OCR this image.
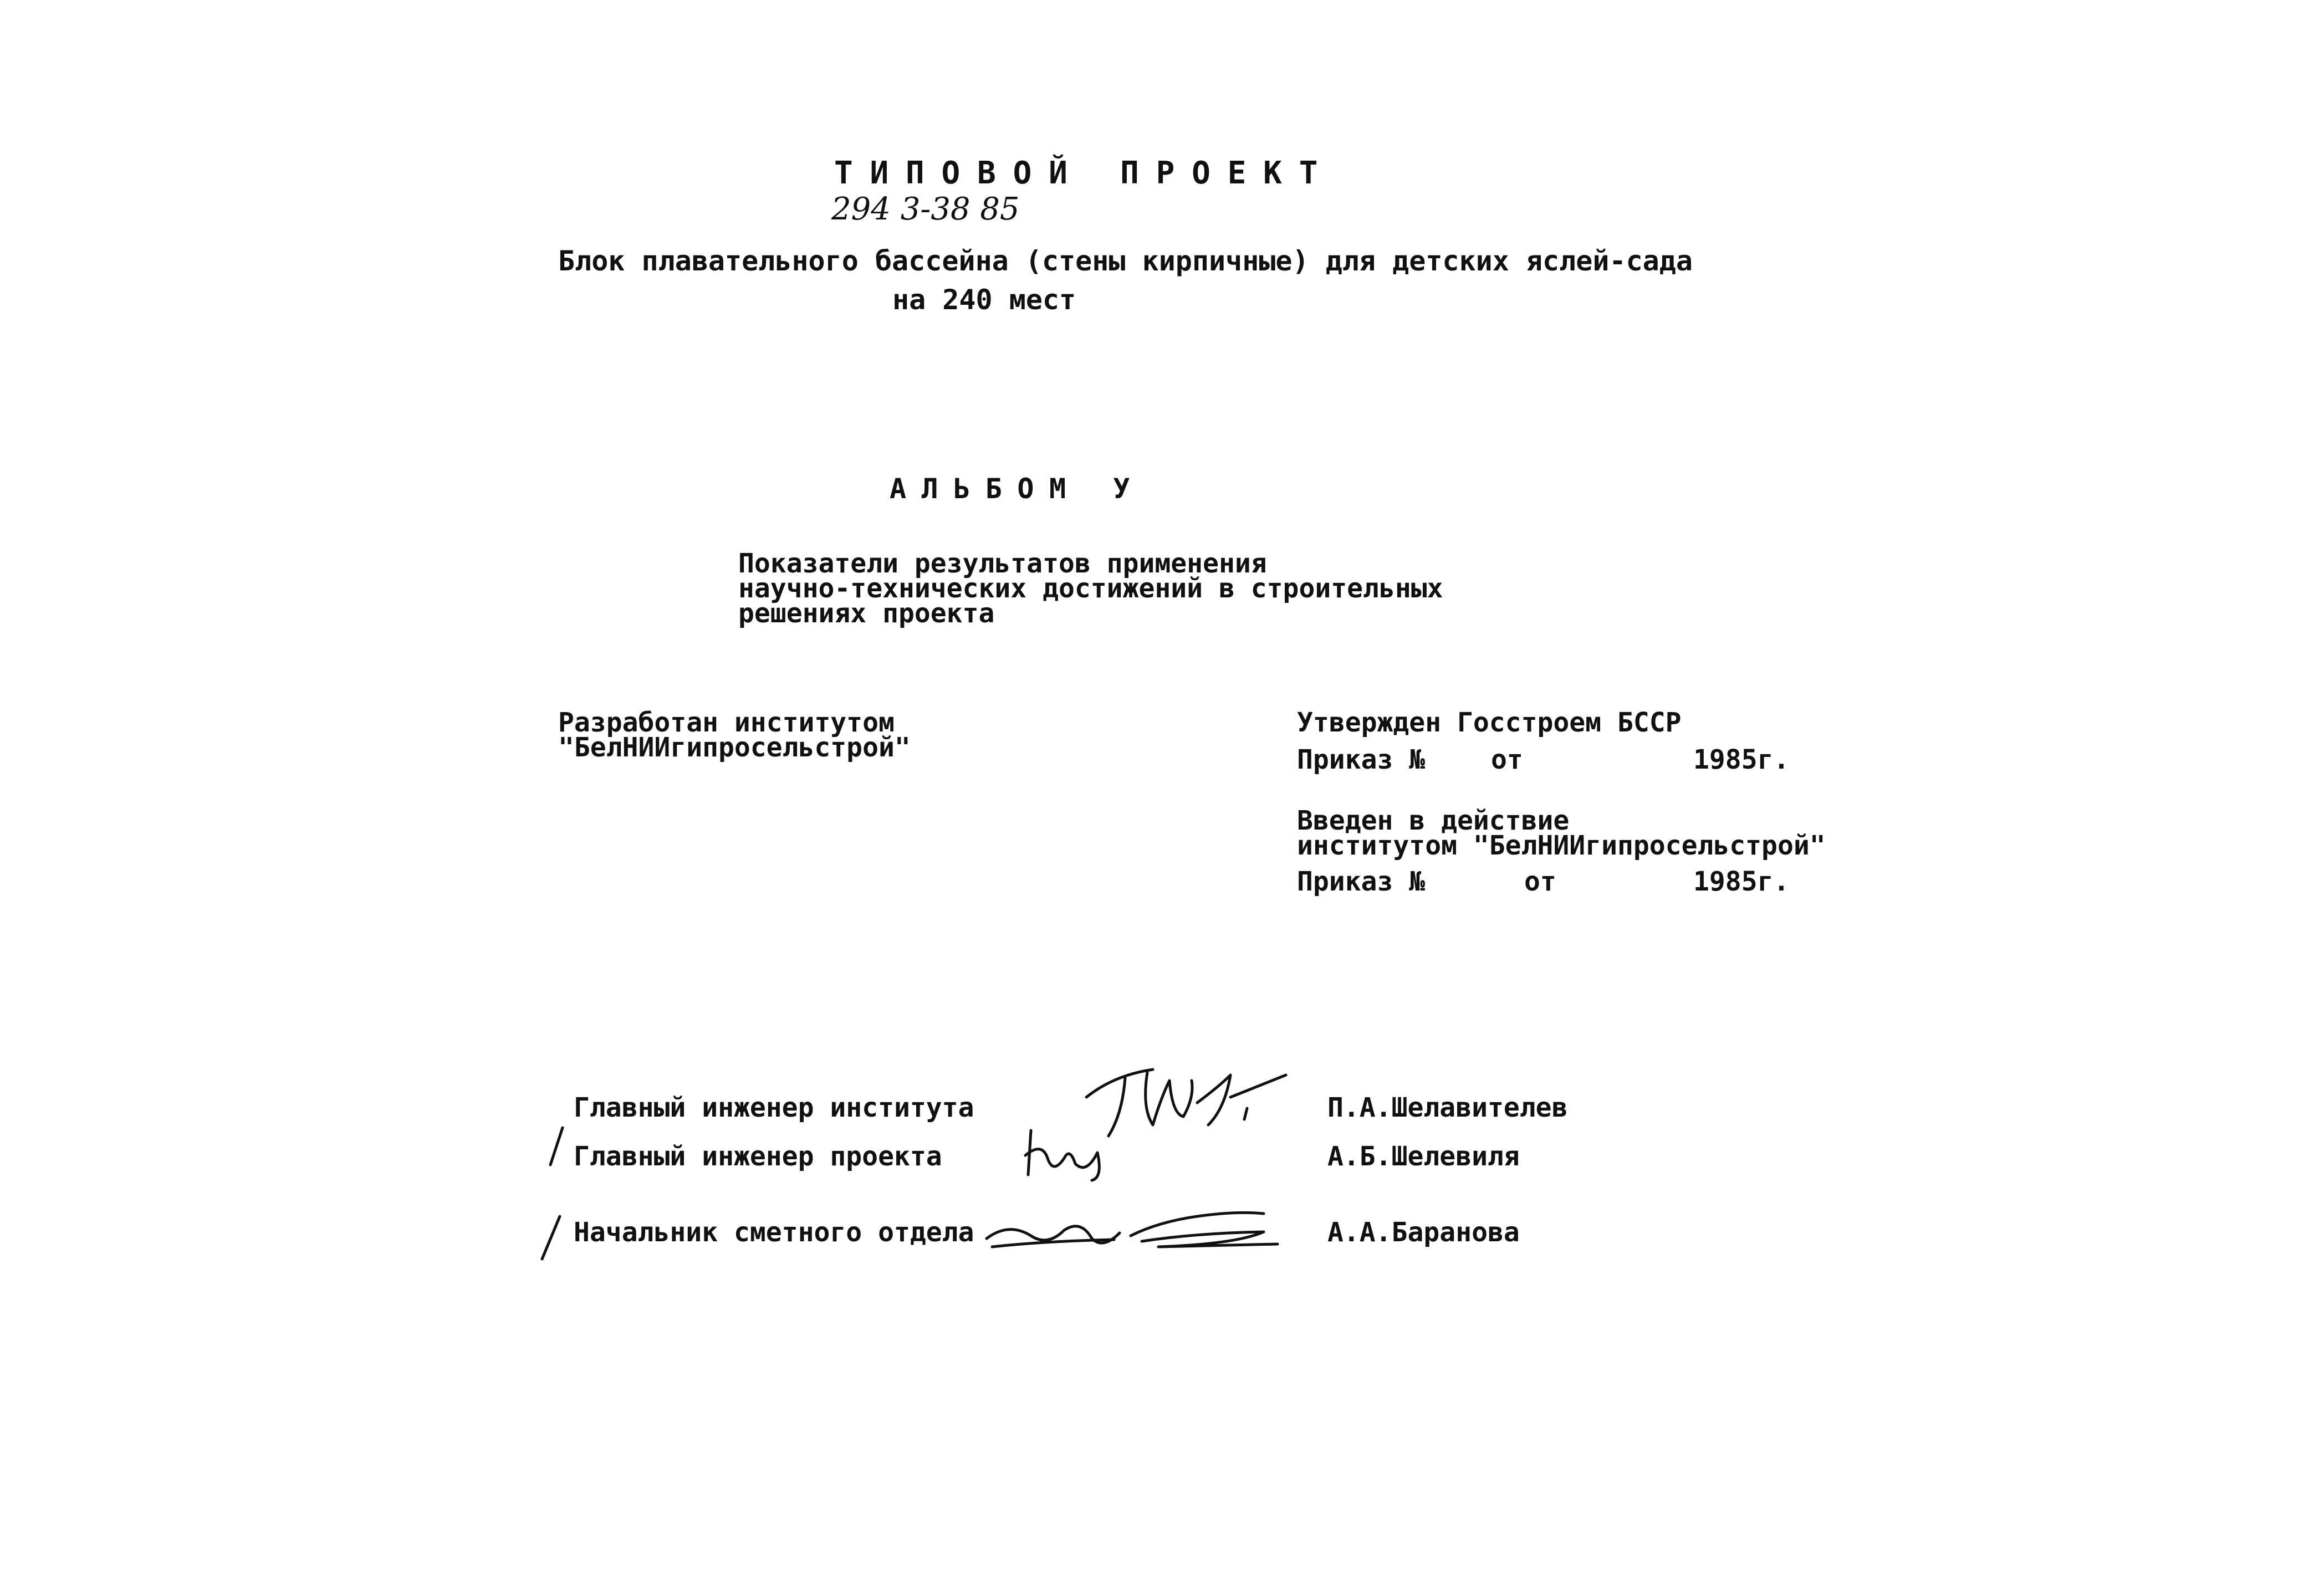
ТИПОВОЙ ПРОЕКТ
294 3-38 85
Блок плавательного бассейна (стены кирпичные) для детских яслей-сада
на 240 мест
АЛЬБОМ У
Показатели результатов применения
научно-технических достижений в строительных
решениях проекта
Разработан институтом
"БелНИИгипросельстрой"
Утвержден Госстроем БССР
Приказ № от	1985г.
Введен в действие
институтом "БелНИИгипросельстрой"
Приказ №	от	1985г.
Главный инженер института	П.А.Шелавителев
Главный инженер проекта	А.Б.Шелевиля
Начальник сметного отдела	А.А.Баранова
